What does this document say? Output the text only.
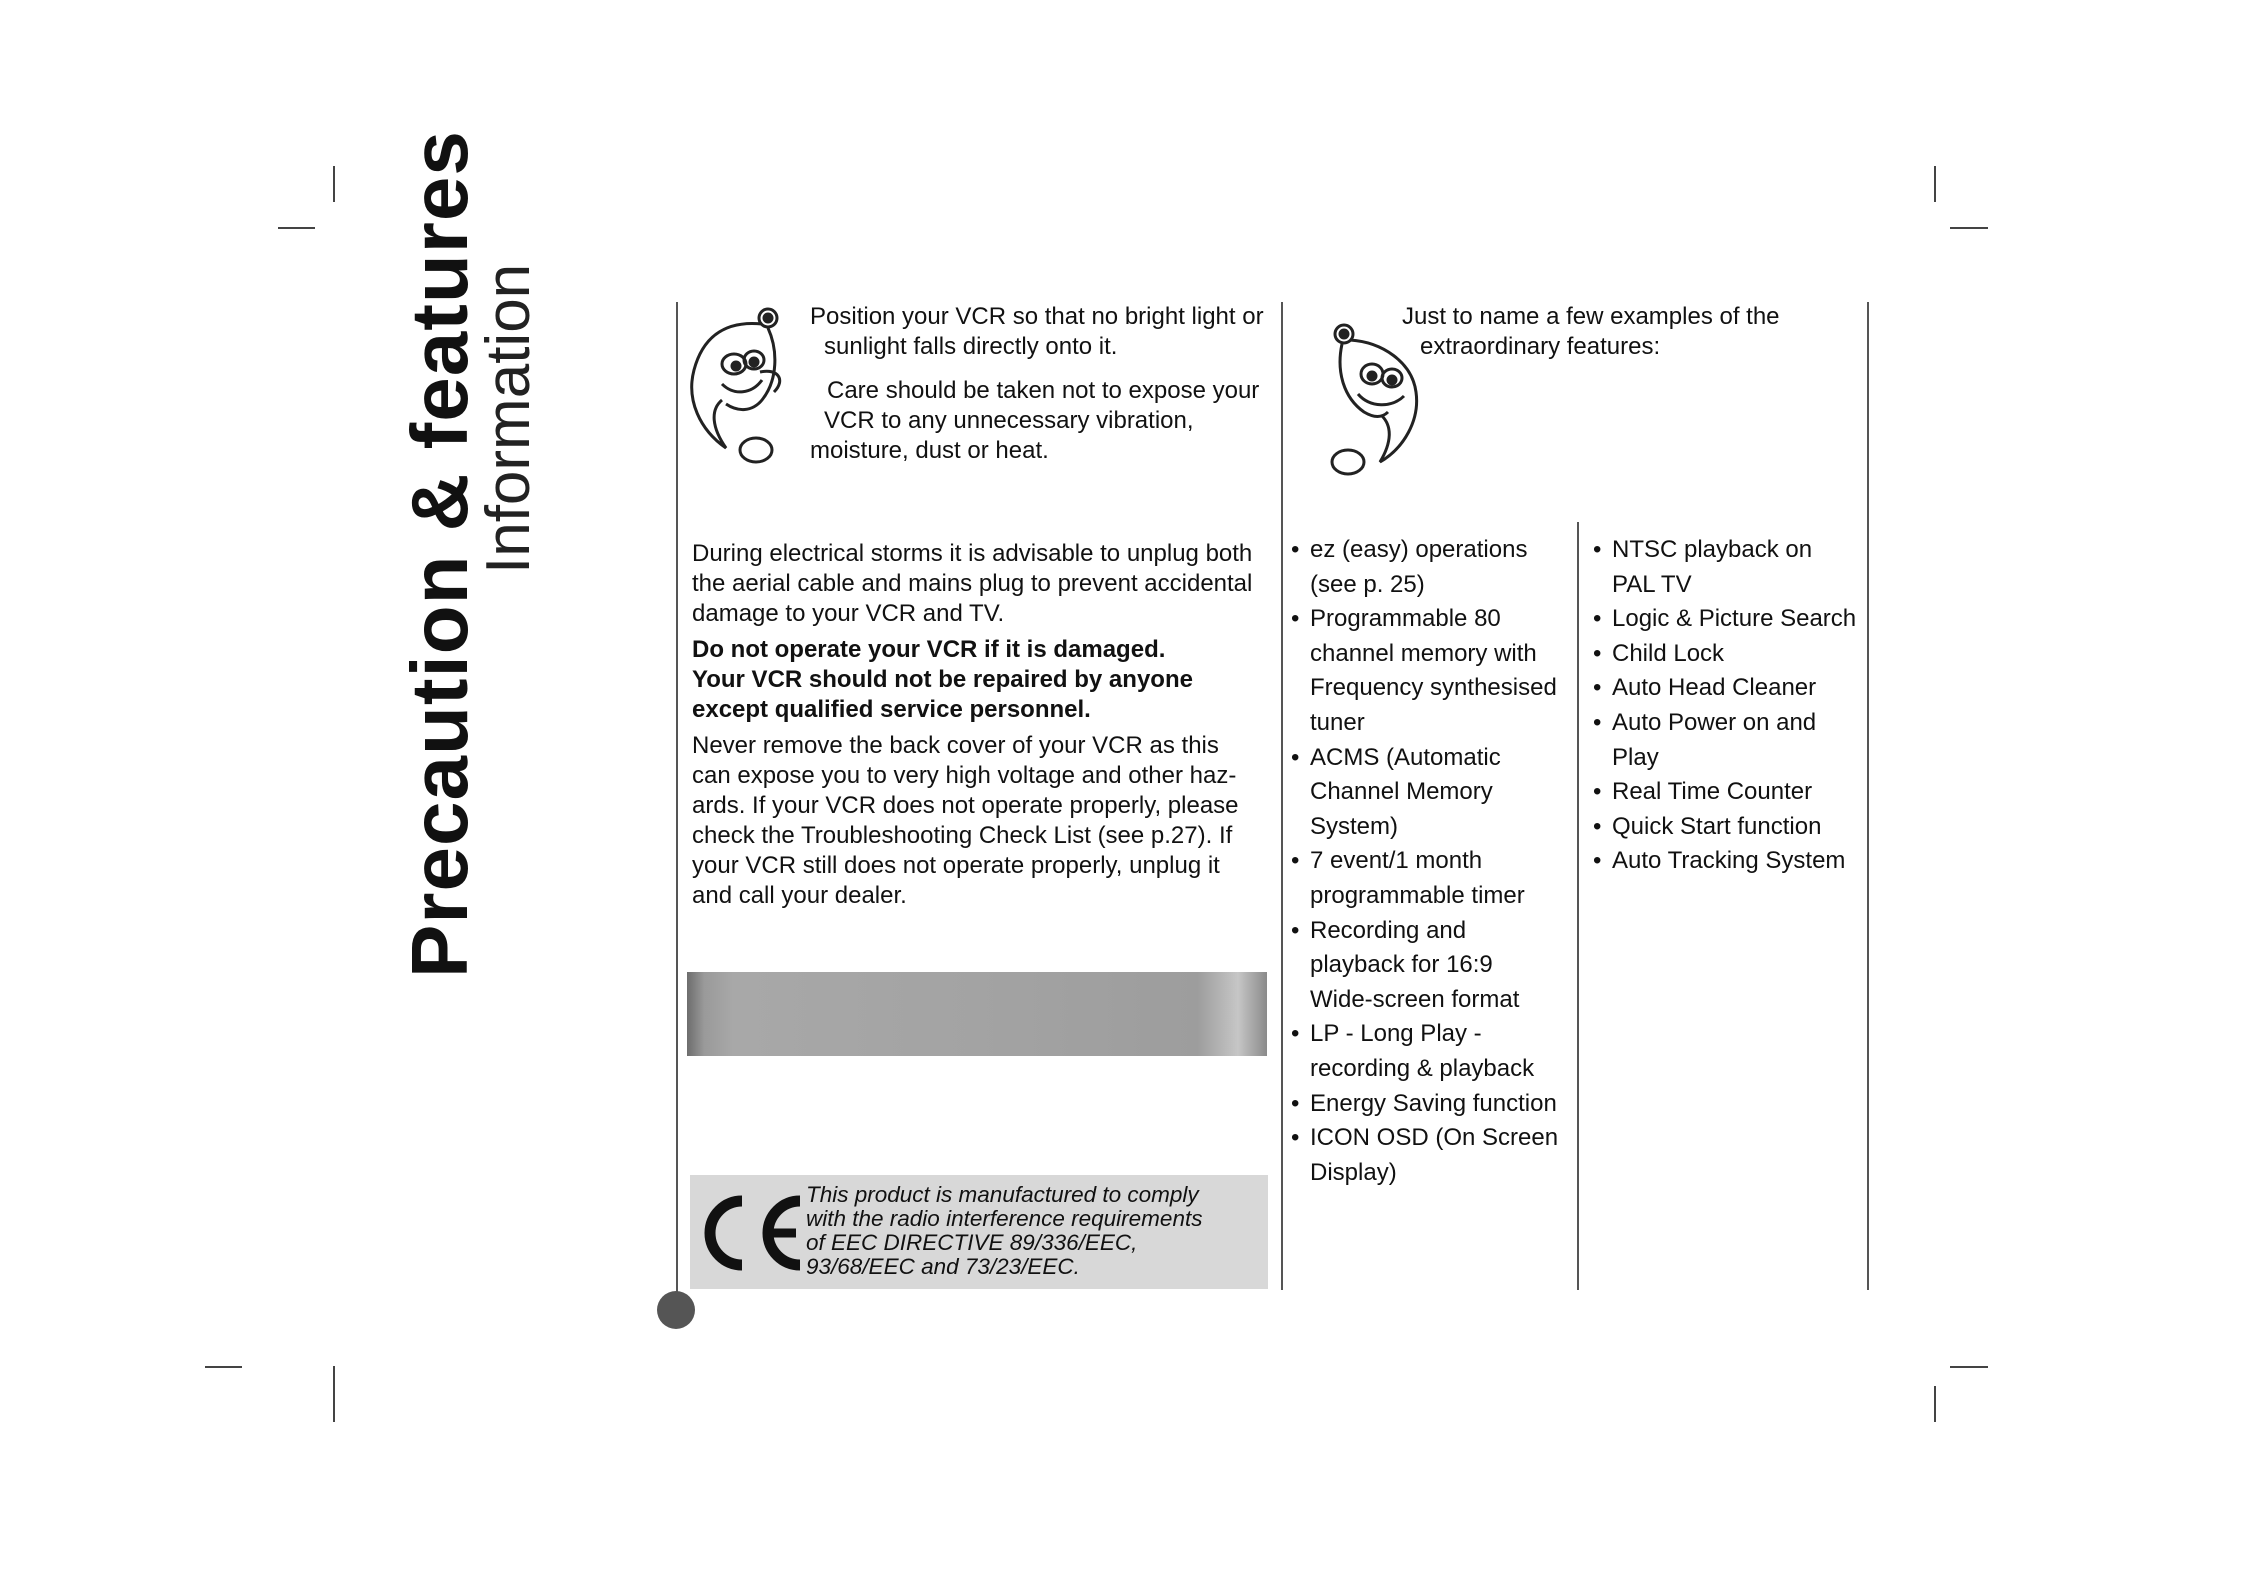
Precaution & features
Information	Position your VCR so that no bright light or
sunlight falls directly onto it.
Care should be taken not to expose your
VCR to any unnecessary vibration,
moisture, dust or heat.
During electrical storms it is advisable to unplug both
the aerial cable and mains plug to prevent accidental
damage to your VCR and TV.
Do not operate your VCR if it is damaged.
Your VCR should not be repaired by anyone
except qualified service personnel.
Never remove the back cover of your VCR as this
can expose you to very high voltage and other haz-
ards. If your VCR does not operate properly, please
check the Troubleshooting Check List (see p.27). If
your VCR still does not operate properly, unplug it
and call your dealer.

This product is manufactured to comply

with the radio interference requirements

of EEC DIRECTIVE 89/336/EEC,

93/68/EEC and 73/23/EEC.

Just to name a few examples of the
extraordinary features:
• ez (easy) operations
(see p. 25)
• Programmable 80
channel memory with
Frequency synthesised
tuner
• ACMS (Automatic
Channel Memory
System)
• 7 event/1 month
programmable timer
• Recording and
playback for 16:9
Wide-screen format
• LP - Long Play -
recording & playback
• Energy Saving function
• ICON OSD (On Screen
Display)
• NTSC playback on
PAL TV
• Logic & Picture Search
• Child Lock
• Auto Head Cleaner
• Auto Power on and
Play
• Real Time Counter
• Quick Start function
• Auto Tracking System
